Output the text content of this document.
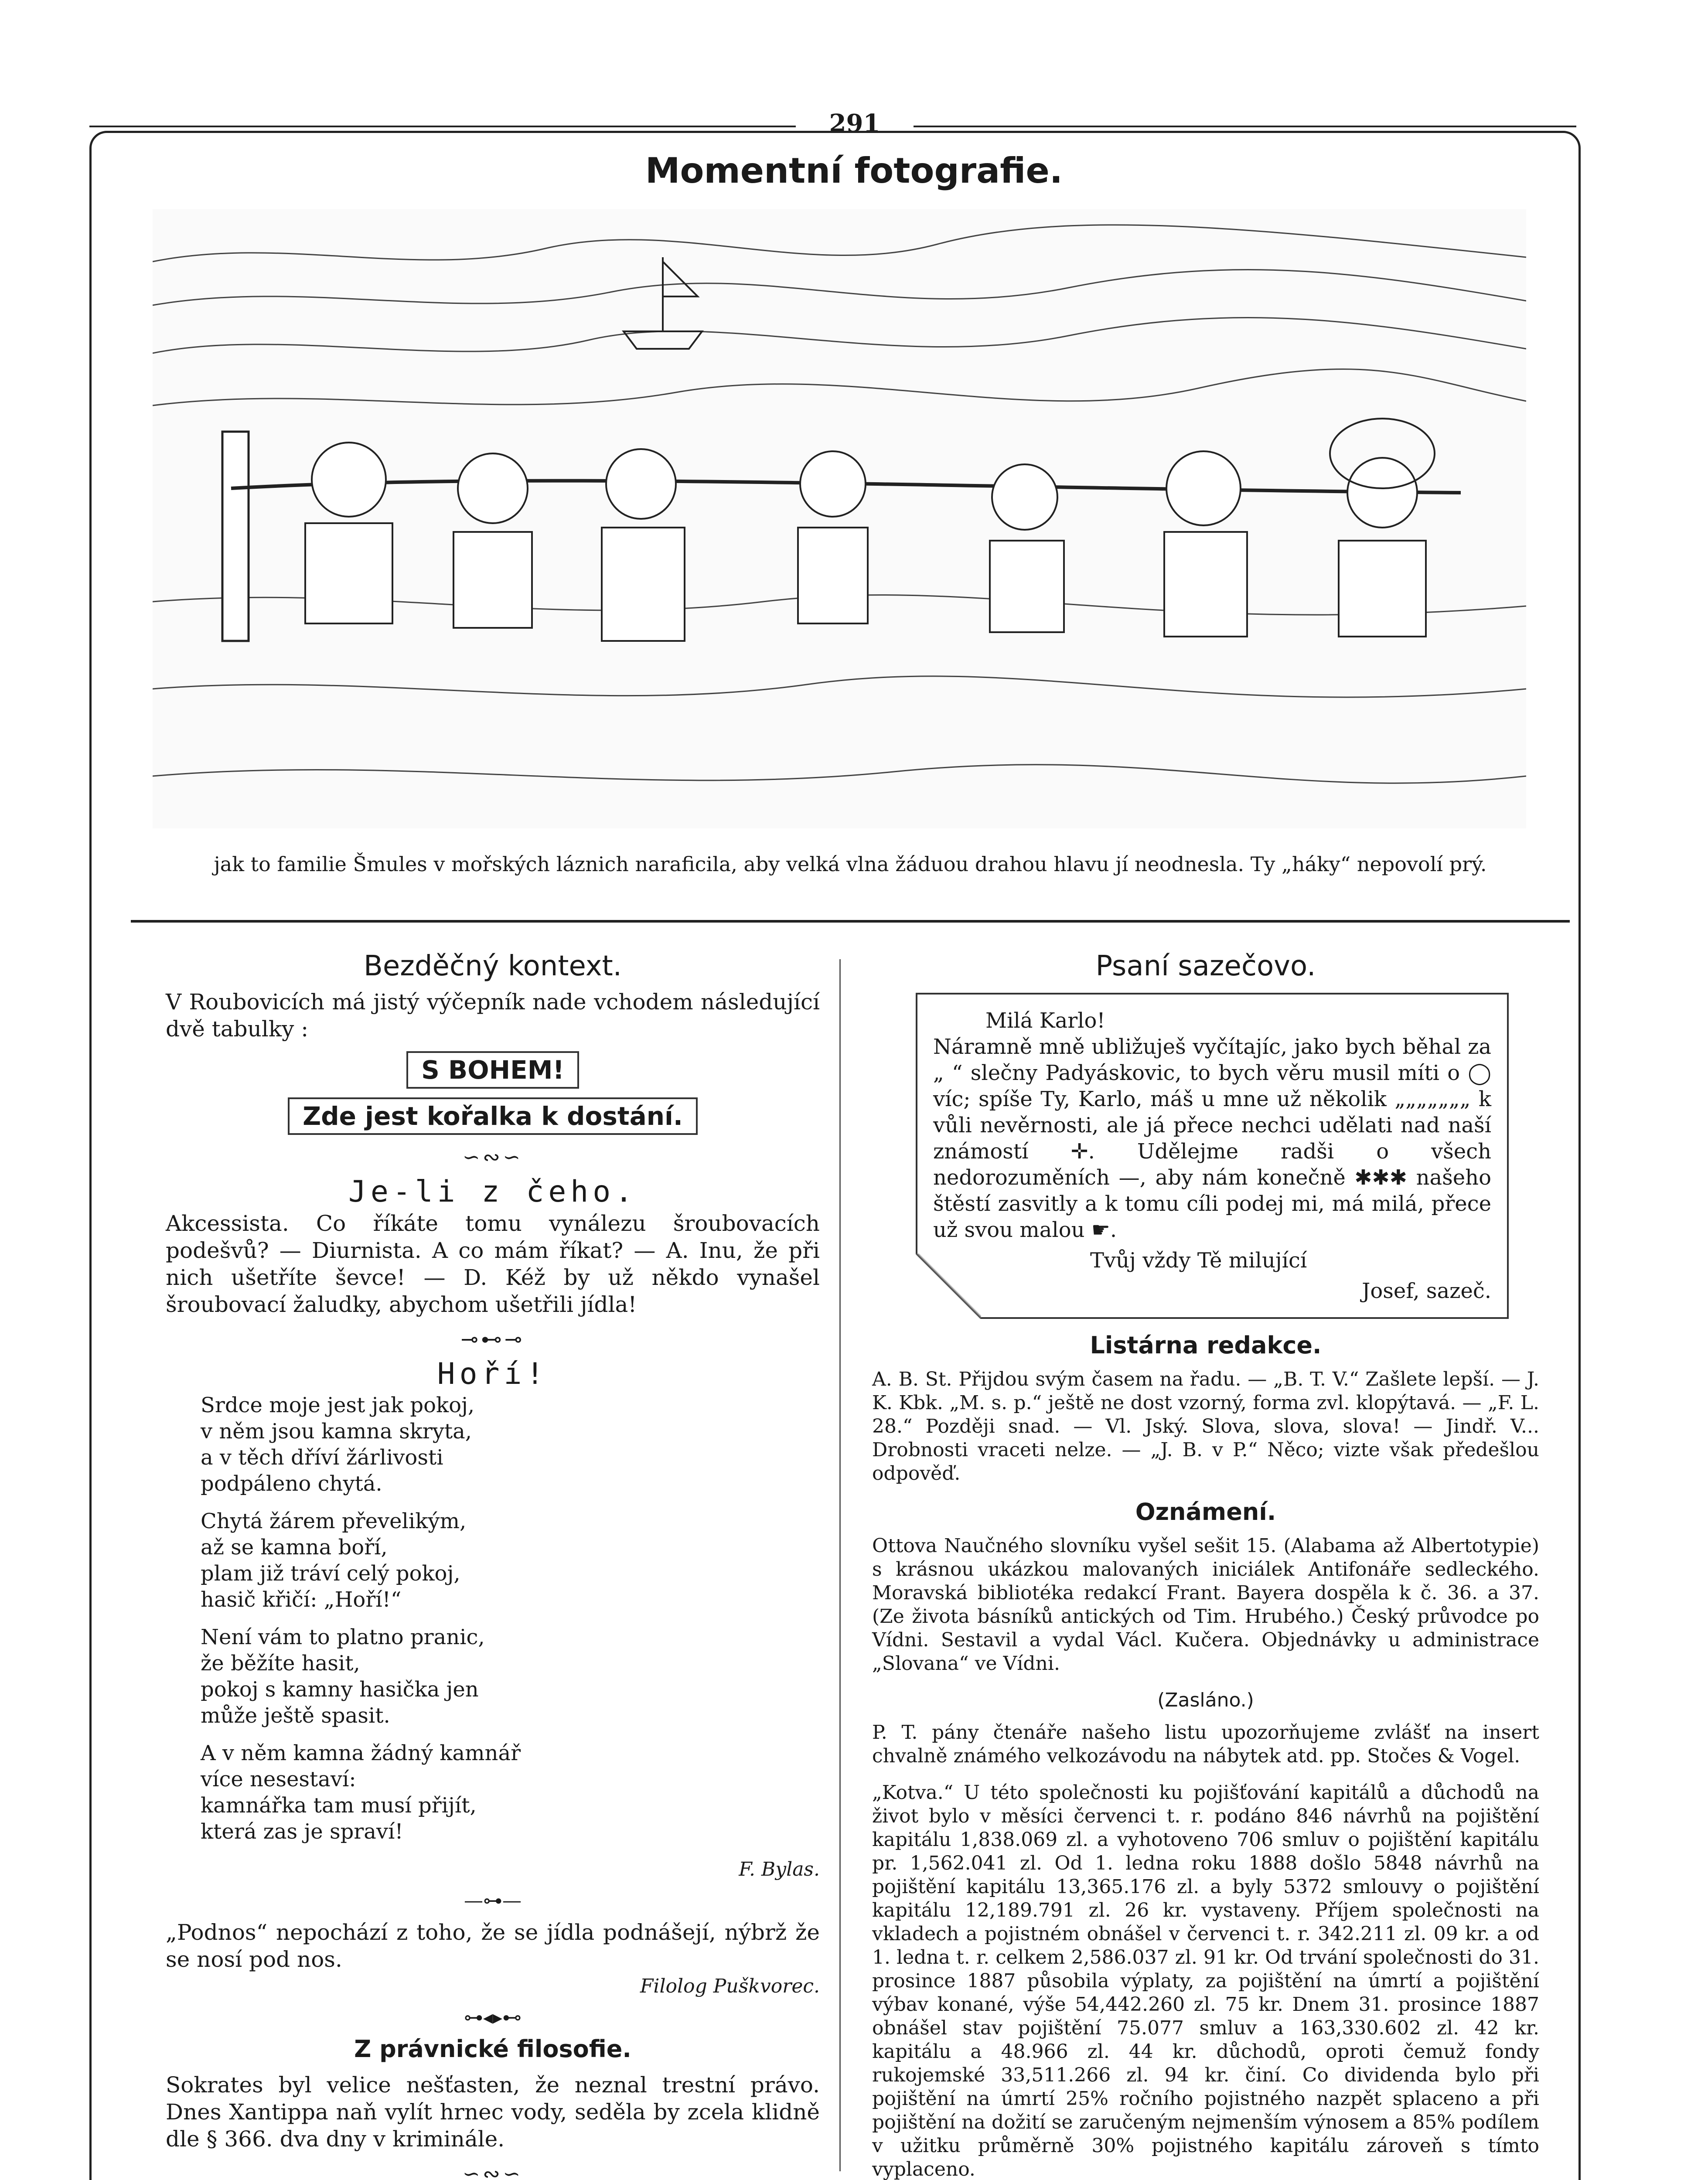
291
Momentní fotografie.
jak to familie Šmules v mořských láznich naraficila, aby velká vlna žáduou drahou hlavu jí neodnesla. Ty „háky“ nepovolí prý.
Bezděčný kontext.

V Roubovicích má jistý výčepník nade vchodem následující dvě tabulky :

S BOHEM!
Zde jest kořalka k dostání.
∽∾∽
Je-li z čeho.

Akcessista. Co říkáte tomu vynálezu šroubovacích podešvů? — Diurnista. A co mám říkat? — A. Inu, že při nich ušetříte ševce! — D. Kéž by už někdo vynašel šroubovací žaludky, abychom ušetřili jídla!

⊸⊷⊸
Hoří!
Srdce moje jest jak pokoj,
v něm jsou kamna skryta,
a v těch dříví žárlivosti
podpáleno chytá.
Chytá žárem převelikým,
až se kamna boří,
plam již tráví celý pokoj,
hasič křičí: „Hoří!“
Není vám to platno pranic,
že běžíte hasit,
pokoj s kamny hasička jen
může ještě spasit.
A v něm kamna žádný kamnář
více nesestaví:
kamnářka tam musí přijít,
která zas je spraví!
F. Bylas.
—⊶—

„Podnos“ nepochází z toho, že se jídla podnášejí, nýbrž že se nosí pod nos.

Filolog Puškvorec.
⊶◂▸⊷
Z právnické filosofie.

Sokrates byl velice nešťasten, že neznal trestní právo. Dnes Xantippa naň vylít hrnec vody, seděla by zcela klidně dle § 366. dva dny v kriminále.

∽∾∽
Psaní sazečovo.
Milá Karlo!

Náramně mně ubližuješ vyčítajíc, jako bych běhal za „ “ slečny Padyáskovic, to bych věru musil míti o ◯ víc; spíše Ty, Karlo, máš u mne už několik „„„„„„„ k vůli nevěrnosti, ale já přece nechci udělati nad naší známostí ✛. Udělejme radši o všech nedorozuměních —, aby nám konečně ✱✱✱ našeho štěstí zasvitly a k tomu cíli podej mi, má milá, přece už svou malou ☛.

Tvůj vždy Tě milující
Josef, sazeč.
Listárna redakce.

A. B. St. Přijdou svým časem na řadu. — „B. T. V.“ Zašlete lepší. — J. K. Kbk. „M. s. p.“ ještě ne dost vzorný, forma zvl. klopýtavá. — „F. L. 28.“ Později snad. — Vl. Jský. Slova, slova, slova! — Jindř. V... Drobnosti vraceti nelze. — „J. B. v P.“ Něco; vizte však předešlou odpověď.

Oznámení.

Ottova Naučného slovníku vyšel sešit 15. (Alabama až Albertotypie) s krásnou ukázkou malovaných iniciálek Antifonáře sedleckého. Moravská bibliotéka redakcí Frant. Bayera dospěla k č. 36. a 37. (Ze života básníků antických od Tim. Hrubého.) Český průvodce po Vídni. Sestavil a vydal Václ. Kučera. Objednávky u administrace „Slovana“ ve Vídni.

(Zasláno.)

P. T. pány čtenáře našeho listu upozorňujeme zvlášť na insert chvalně známého velkozávodu na nábytek atd. pp. Stočes & Vogel.

„Kotva.“ U této společnosti ku pojišťování kapitálů a důchodů na život bylo v měsíci červenci t. r. podáno 846 návrhů na pojištění kapitálu 1,838.069 zl. a vyhotoveno 706 smluv o pojištění kapitálu pr. 1,562.041 zl. Od 1. ledna roku 1888 došlo 5848 návrhů na pojištění kapitálu 13,365.176 zl. a byly 5372 smlouvy o pojištění kapitálu 12,189.791 zl. 26 kr. vystaveny. Příjem společnosti na vkladech a pojistném obnášel v červenci t. r. 342.211 zl. 09 kr. a od 1. ledna t. r. celkem 2,586.037 zl. 91 kr. Od trvání společnosti do 31. prosince 1887 působila výplaty, za pojištění na úmrtí a pojištění výbav konané, výše 54,442.260 zl. 75 kr. Dnem 31. prosince 1887 obnášel stav pojištění 75.077 smluv a 163,330.602 zl. 42 kr. kapitálu a 48.966 zl. 44 kr. důchodů, oproti čemuž fondy rukojemské 33,511.266 zl. 94 kr. činí. Co dividenda bylo při pojištění na úmrtí 25% ročního pojistného nazpět splaceno a při pojištění na dožití se zaručeným nejmenším výnosem a 85% podílem v užitku průměrně 30% pojistného kapitálu zároveň s tímto vyplaceno.
